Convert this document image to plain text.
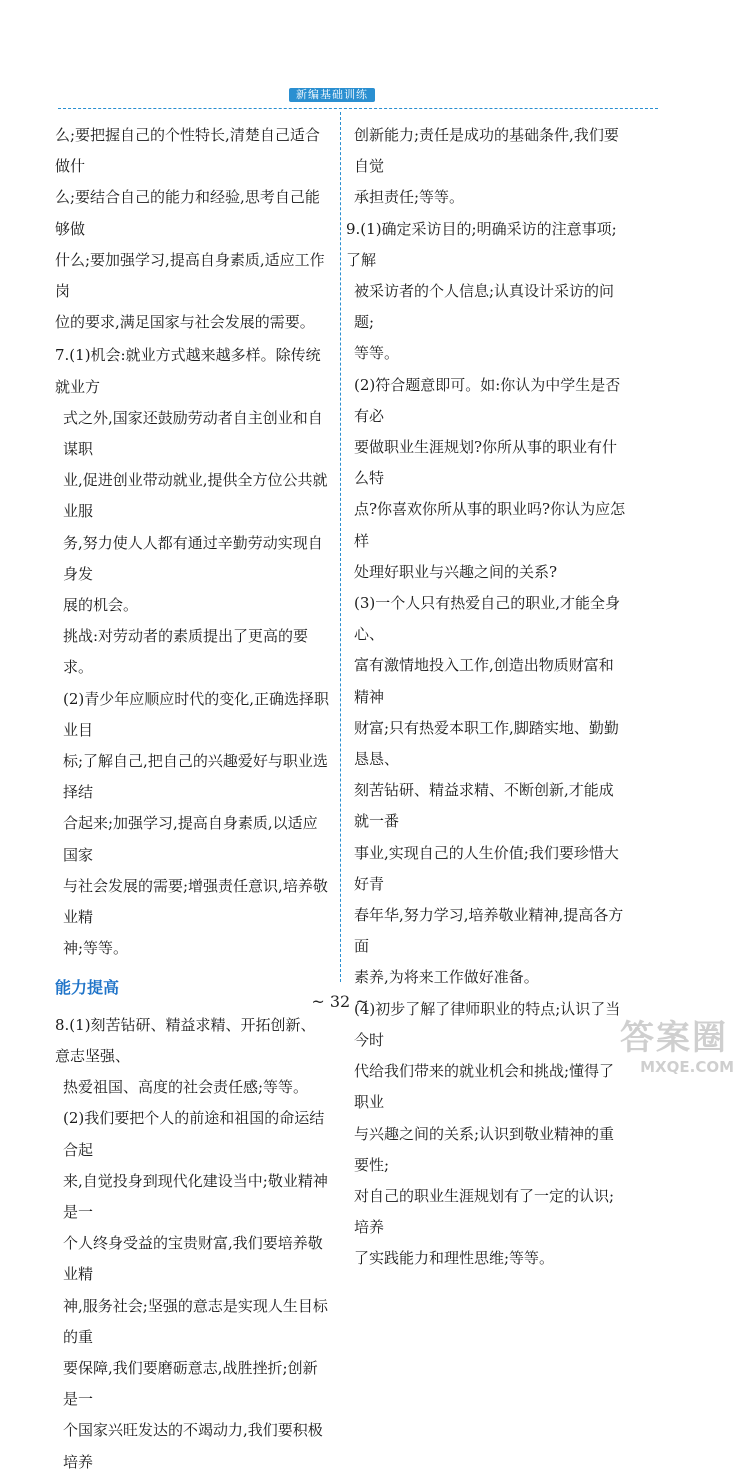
新编基础训练

么;要把握自己的个性特长,清楚自己适合做什

么;要结合自己的能力和经验,思考自己能够做

什么;要加强学习,提高自身素质,适应工作岗

位的要求,满足国家与社会发展的需要。

7.(1)机会:就业方式越来越多样。除传统就业方

式之外,国家还鼓励劳动者自主创业和自谋职

业,促进创业带动就业,提供全方位公共就业服

务,努力使人人都有通过辛勤劳动实现自身发

展的机会。

挑战:对劳动者的素质提出了更高的要求。

(2)青少年应顺应时代的变化,正确选择职业目

标;了解自己,把自己的兴趣爱好与职业选择结

合起来;加强学习,提高自身素质,以适应国家

与社会发展的需要;增强责任意识,培养敬业精

神;等等。

能力提高

8.(1)刻苦钻研、精益求精、开拓创新、意志坚强、

热爱祖国、高度的社会责任感;等等。

(2)我们要把个人的前途和祖国的命运结合起

来,自觉投身到现代化建设当中;敬业精神是一

个人终身受益的宝贵财富,我们要培养敬业精

神,服务社会;坚强的意志是实现人生目标的重

要保障,我们要磨砺意志,战胜挫折;创新是一

个国家兴旺发达的不竭动力,我们要积极培养

创新能力;责任是成功的基础条件,我们要自觉

承担责任;等等。

9.(1)确定采访目的;明确采访的注意事项;了解

被采访者的个人信息;认真设计采访的问题;

等等。

(2)符合题意即可。如:你认为中学生是否有必

要做职业生涯规划?你所从事的职业有什么特

点?你喜欢你所从事的职业吗?你认为应怎样

处理好职业与兴趣之间的关系?

(3)一个人只有热爱自己的职业,才能全身心、

富有激情地投入工作,创造出物质财富和精神

财富;只有热爱本职工作,脚踏实地、勤勤恳恳、

刻苦钻研、精益求精、不断创新,才能成就一番

事业,实现自己的人生价值;我们要珍惜大好青

春年华,努力学习,培养敬业精神,提高各方面

素养,为将来工作做好准备。

(4)初步了解了律师职业的特点;认识了当今时

代给我们带来的就业机会和挑战;懂得了职业

与兴趣之间的关系;认识到敬业精神的重要性;

对自己的职业生涯规划有了一定的认识;培养

了实践能力和理性思维;等等。

~ 32 ~
答案圈
MXQE.COM
